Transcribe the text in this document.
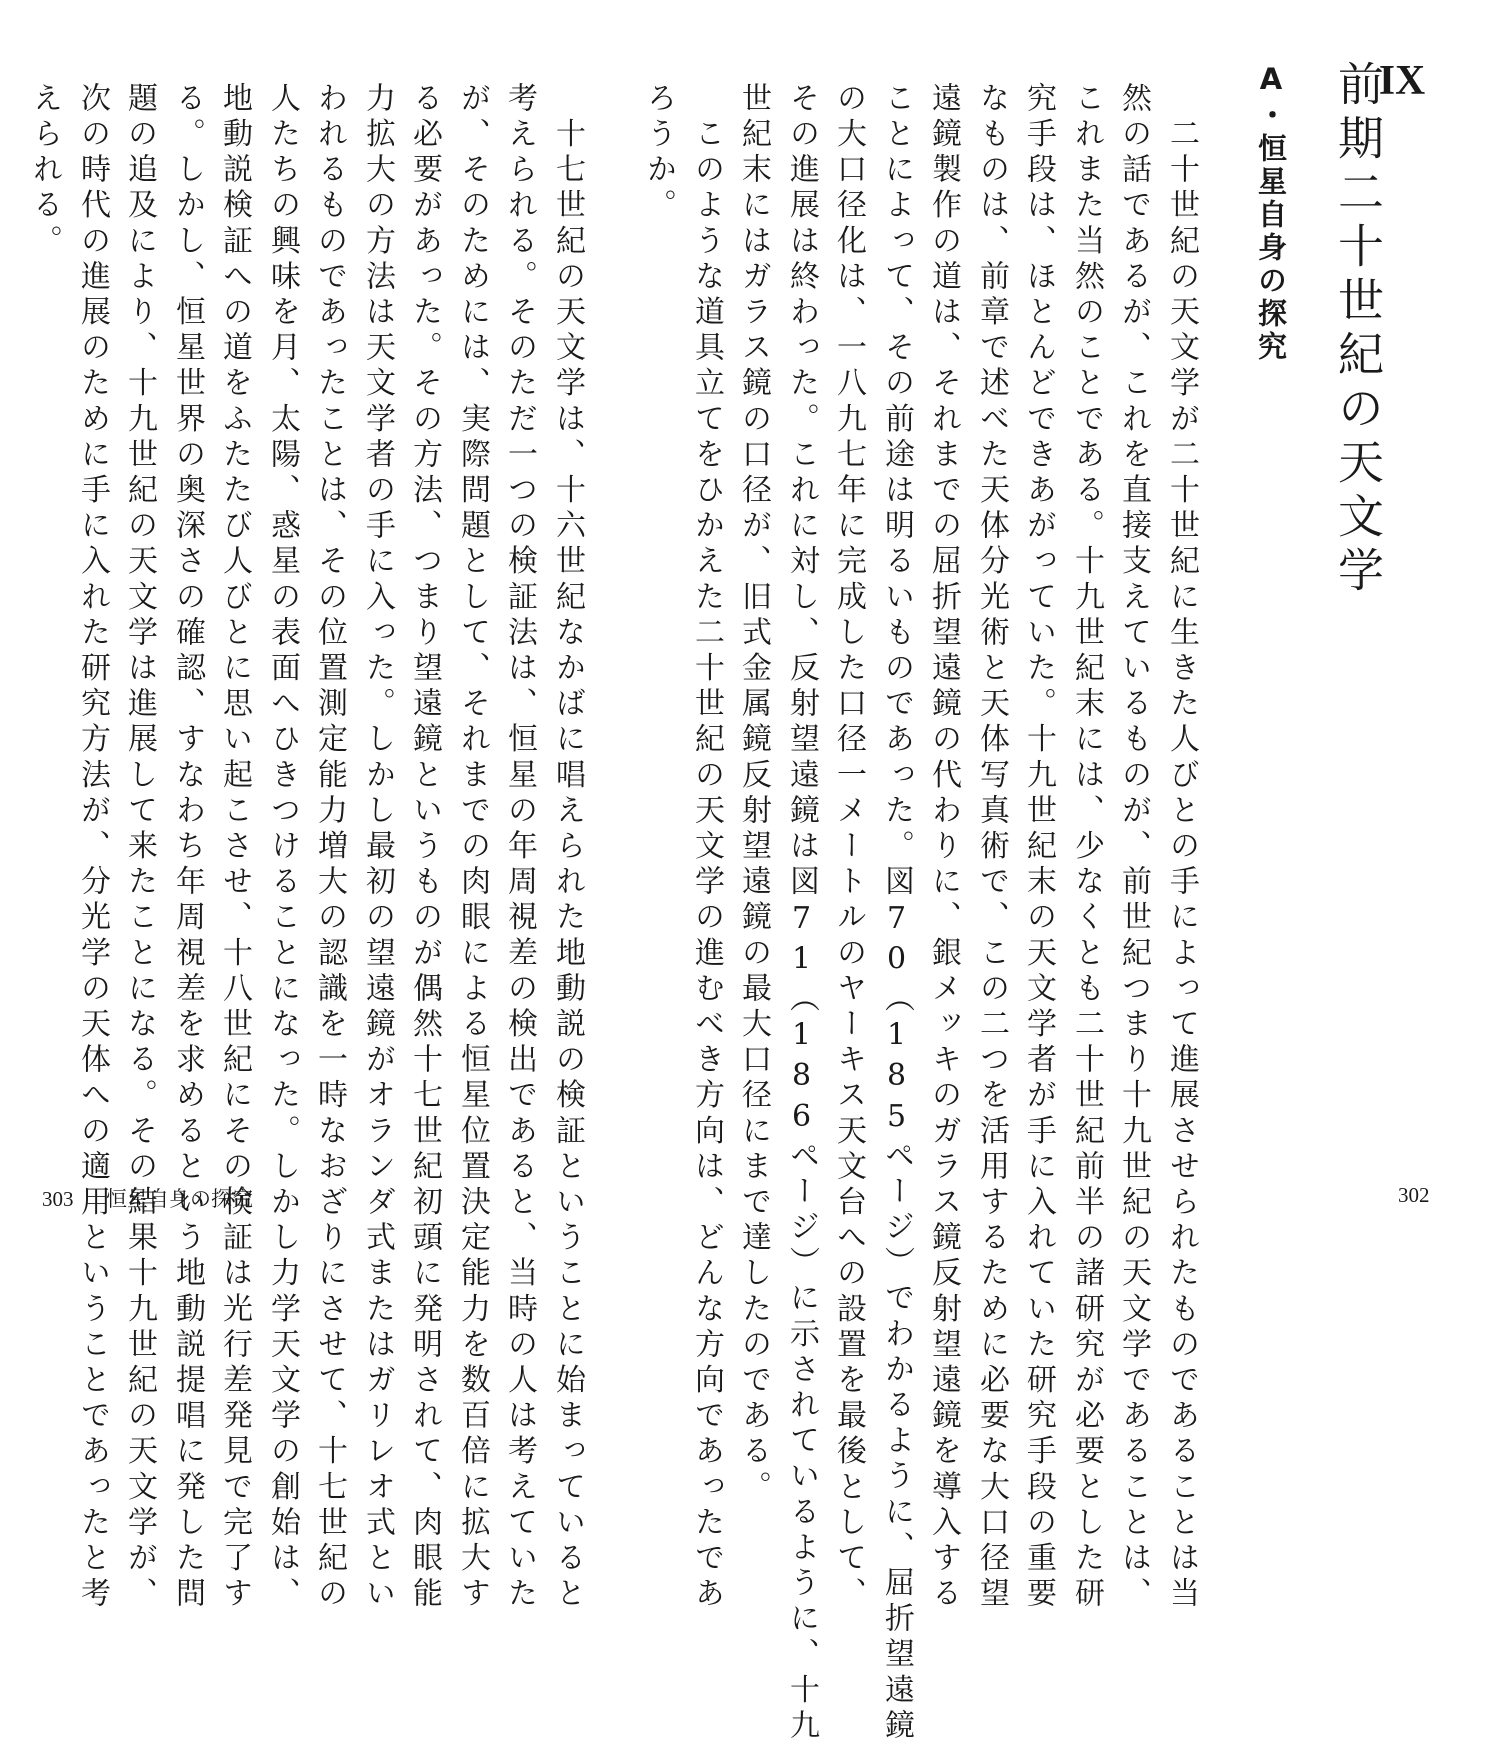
IX
前期二十世紀の天文学
A・恒星自身の探究
　二十世紀の天文学が二十世紀に生きた人びとの手によって進展させられたものであることは当
然の話であるが、これを直接支えているものが、前世紀つまり十九世紀の天文学であることは、
これまた当然のことである。十九世紀末には、少なくとも二十世紀前半の諸研究が必要とした研
究手段は、ほとんどできあがっていた。十九世紀末の天文学者が手に入れていた研究手段の重要
なものは、前章で述べた天体分光術と天体写真術で、この二つを活用するために必要な大口径望
遠鏡製作の道は、それまでの屈折望遠鏡の代わりに、銀メッキのガラス鏡反射望遠鏡を導入する
ことによって、その前途は明るいものであった。図70（185ページ）でわかるように、屈折望遠鏡
の大口径化は、一八九七年に完成した口径一メートルのヤーキス天文台への設置を最後として、
その進展は終わった。これに対し、反射望遠鏡は図71（186ページ）に示されているように、十九
世紀末にはガラス鏡の口径が、旧式金属鏡反射望遠鏡の最大口径にまで達したのである。
　このような道具立てをひかえた二十世紀の天文学の進むべき方向は、どんな方向であったであ
ろうか。
302
　十七世紀の天文学は、十六世紀なかばに唱えられた地動説の検証ということに始まっていると
考えられる。そのただ一つの検証法は、恒星の年周視差の検出であると、当時の人は考えていた
が、そのためには、実際問題として、それまでの肉眼による恒星位置決定能力を数百倍に拡大す
る必要があった。その方法、つまり望遠鏡というものが偶然十七世紀初頭に発明されて、肉眼能
力拡大の方法は天文学者の手に入った。しかし最初の望遠鏡がオランダ式またはガリレオ式とい
われるものであったことは、その位置測定能力増大の認識を一時なおざりにさせて、十七世紀の
人たちの興味を月、太陽、惑星の表面へひきつけることになった。しかし力学天文学の創始は、
地動説検証への道をふたたび人びとに思い起こさせ、十八世紀にその検証は光行差発見で完了す
る。しかし、恒星世界の奥深さの確認、すなわち年周視差を求めるという地動説提唱に発した問
題の追及により、十九世紀の天文学は進展して来たことになる。その結果十九世紀の天文学が、
次の時代の進展のために手に入れた研究方法が、分光学の天体への適用ということであったと考
えられる。
303 恒星自身の探究
